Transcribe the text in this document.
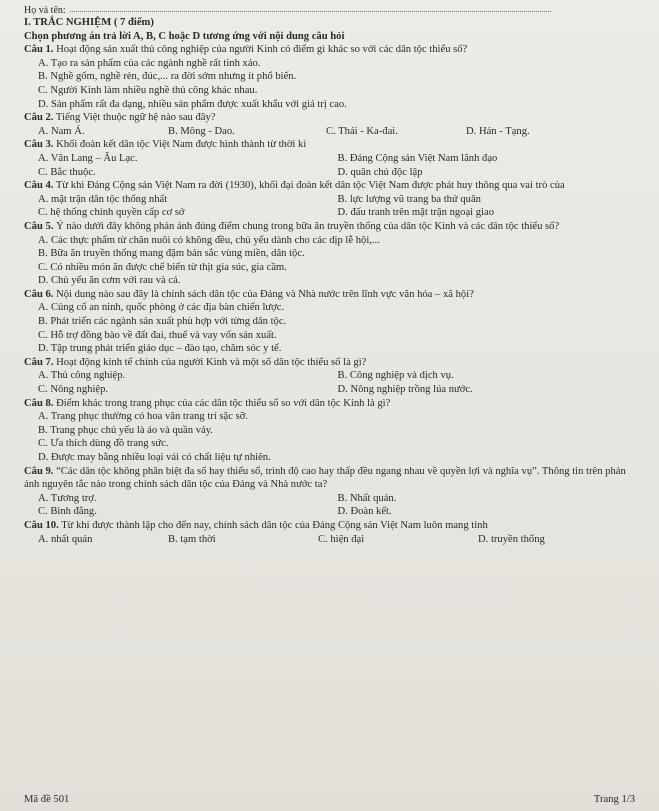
Họ và tên:
I. TRẮC NGHIỆM ( 7 điểm)
Chọn phương án trả lời A, B, C hoặc D tương ứng với nội dung câu hỏi
Câu 1. Hoạt động sản xuất thủ công nghiệp của người Kinh có điểm gì khác so với các dân tộc thiểu số?
A. Tạo ra sản phẩm của các ngành nghề rất tinh xảo.
B. Nghề gốm, nghề rèn, đúc,... ra đời sớm nhưng ít phổ biến.
C. Người Kinh làm nhiều nghề thủ công khác nhau.
D. Sản phẩm rất đa dạng, nhiều sản phẩm được xuất khẩu với giá trị cao.
Câu 2. Tiếng Việt thuộc ngữ hệ nào sau đây?
A. Nam Á.	B. Mông - Dao.	C. Thái - Ka-đai.	D. Hán - Tạng.
Câu 3. Khối đoàn kết dân tộc Việt Nam được hình thành từ thời kì
A. Văn Lang – Âu Lạc.	B. Đảng Cộng sản Việt Nam lãnh đạo
C. Bắc thuộc.	D. quân chủ độc lập
Câu 4. Từ khi Đảng Cộng sản Việt Nam ra đời (1930), khối đại đoàn kết dân tộc Việt Nam được phát huy thông qua vai trò của
A. mặt trận dân tộc thống nhất	B. lực lượng vũ trang ba thứ quân
C. hệ thống chính quyền cấp cơ sở	D. đấu tranh trên mặt trận ngoại giao
Câu 5. Ý nào dưới đây không phản ánh đúng điểm chung trong bữa ăn truyền thống của dân tộc Kinh và các dân tộc thiểu số?
A. Các thực phẩm từ chăn nuôi có không đều, chủ yếu dành cho các dịp lễ hội,...
B. Bữa ăn truyền thống mang đậm bản sắc vùng miền, dân tộc.
C. Có nhiều món ăn được chế biến từ thịt gia súc, gia cầm.
D. Chủ yếu ăn cơm với rau và cá.
Câu 6. Nội dung nào sau đây là chính sách dân tộc của Đảng và Nhà nước trên lĩnh vực văn hóa – xã hội?
A. Củng cố an ninh, quốc phòng ở các địa bàn chiến lược.
B. Phát triển các ngành sản xuất phù hợp với từng dân tộc.
C. Hỗ trợ đồng bào về đất đai, thuế và vay vốn sản xuất.
D. Tập trung phát triển giáo dục – đào tạo, chăm sóc y tế.
Câu 7. Hoạt động kinh tế chính của người Kinh và một số dân tộc thiểu số là gì?
A. Thủ công nghiệp.	B. Công nghiệp và dịch vụ.
C. Nông nghiệp.	D. Nông nghiệp trồng lúa nước.
Câu 8. Điểm khác trong trang phục của các dân tộc thiểu số so với dân tộc Kinh là gì?
A. Trang phục thường có hoa văn trang trí sặc sỡ.
B. Trang phục chủ yếu là áo và quần vảy.
C. Ưa thích dùng đồ trang sức.
D. Được may bằng nhiều loại vải có chất liệu tự nhiên.
Câu 9. “Các dân tộc không phân biệt đa số hay thiểu số, trình độ cao hay thấp đều ngang nhau về quyền lợi và nghĩa vụ”. Thông tin trên phản ánh nguyên tắc nào trong chính sách dân tộc của Đảng và Nhà nước ta?
A. Tương trợ.	B. Nhất quán.
C. Bình đẳng.	D. Đoàn kết.
Câu 10. Từ khi được thành lập cho đến nay, chính sách dân tộc của Đảng Cộng sản Việt Nam luôn mang tính
A. nhất quán	B. tạm thời	C. hiện đại	D. truyền thống
Mã đề 501	Trang 1/3
